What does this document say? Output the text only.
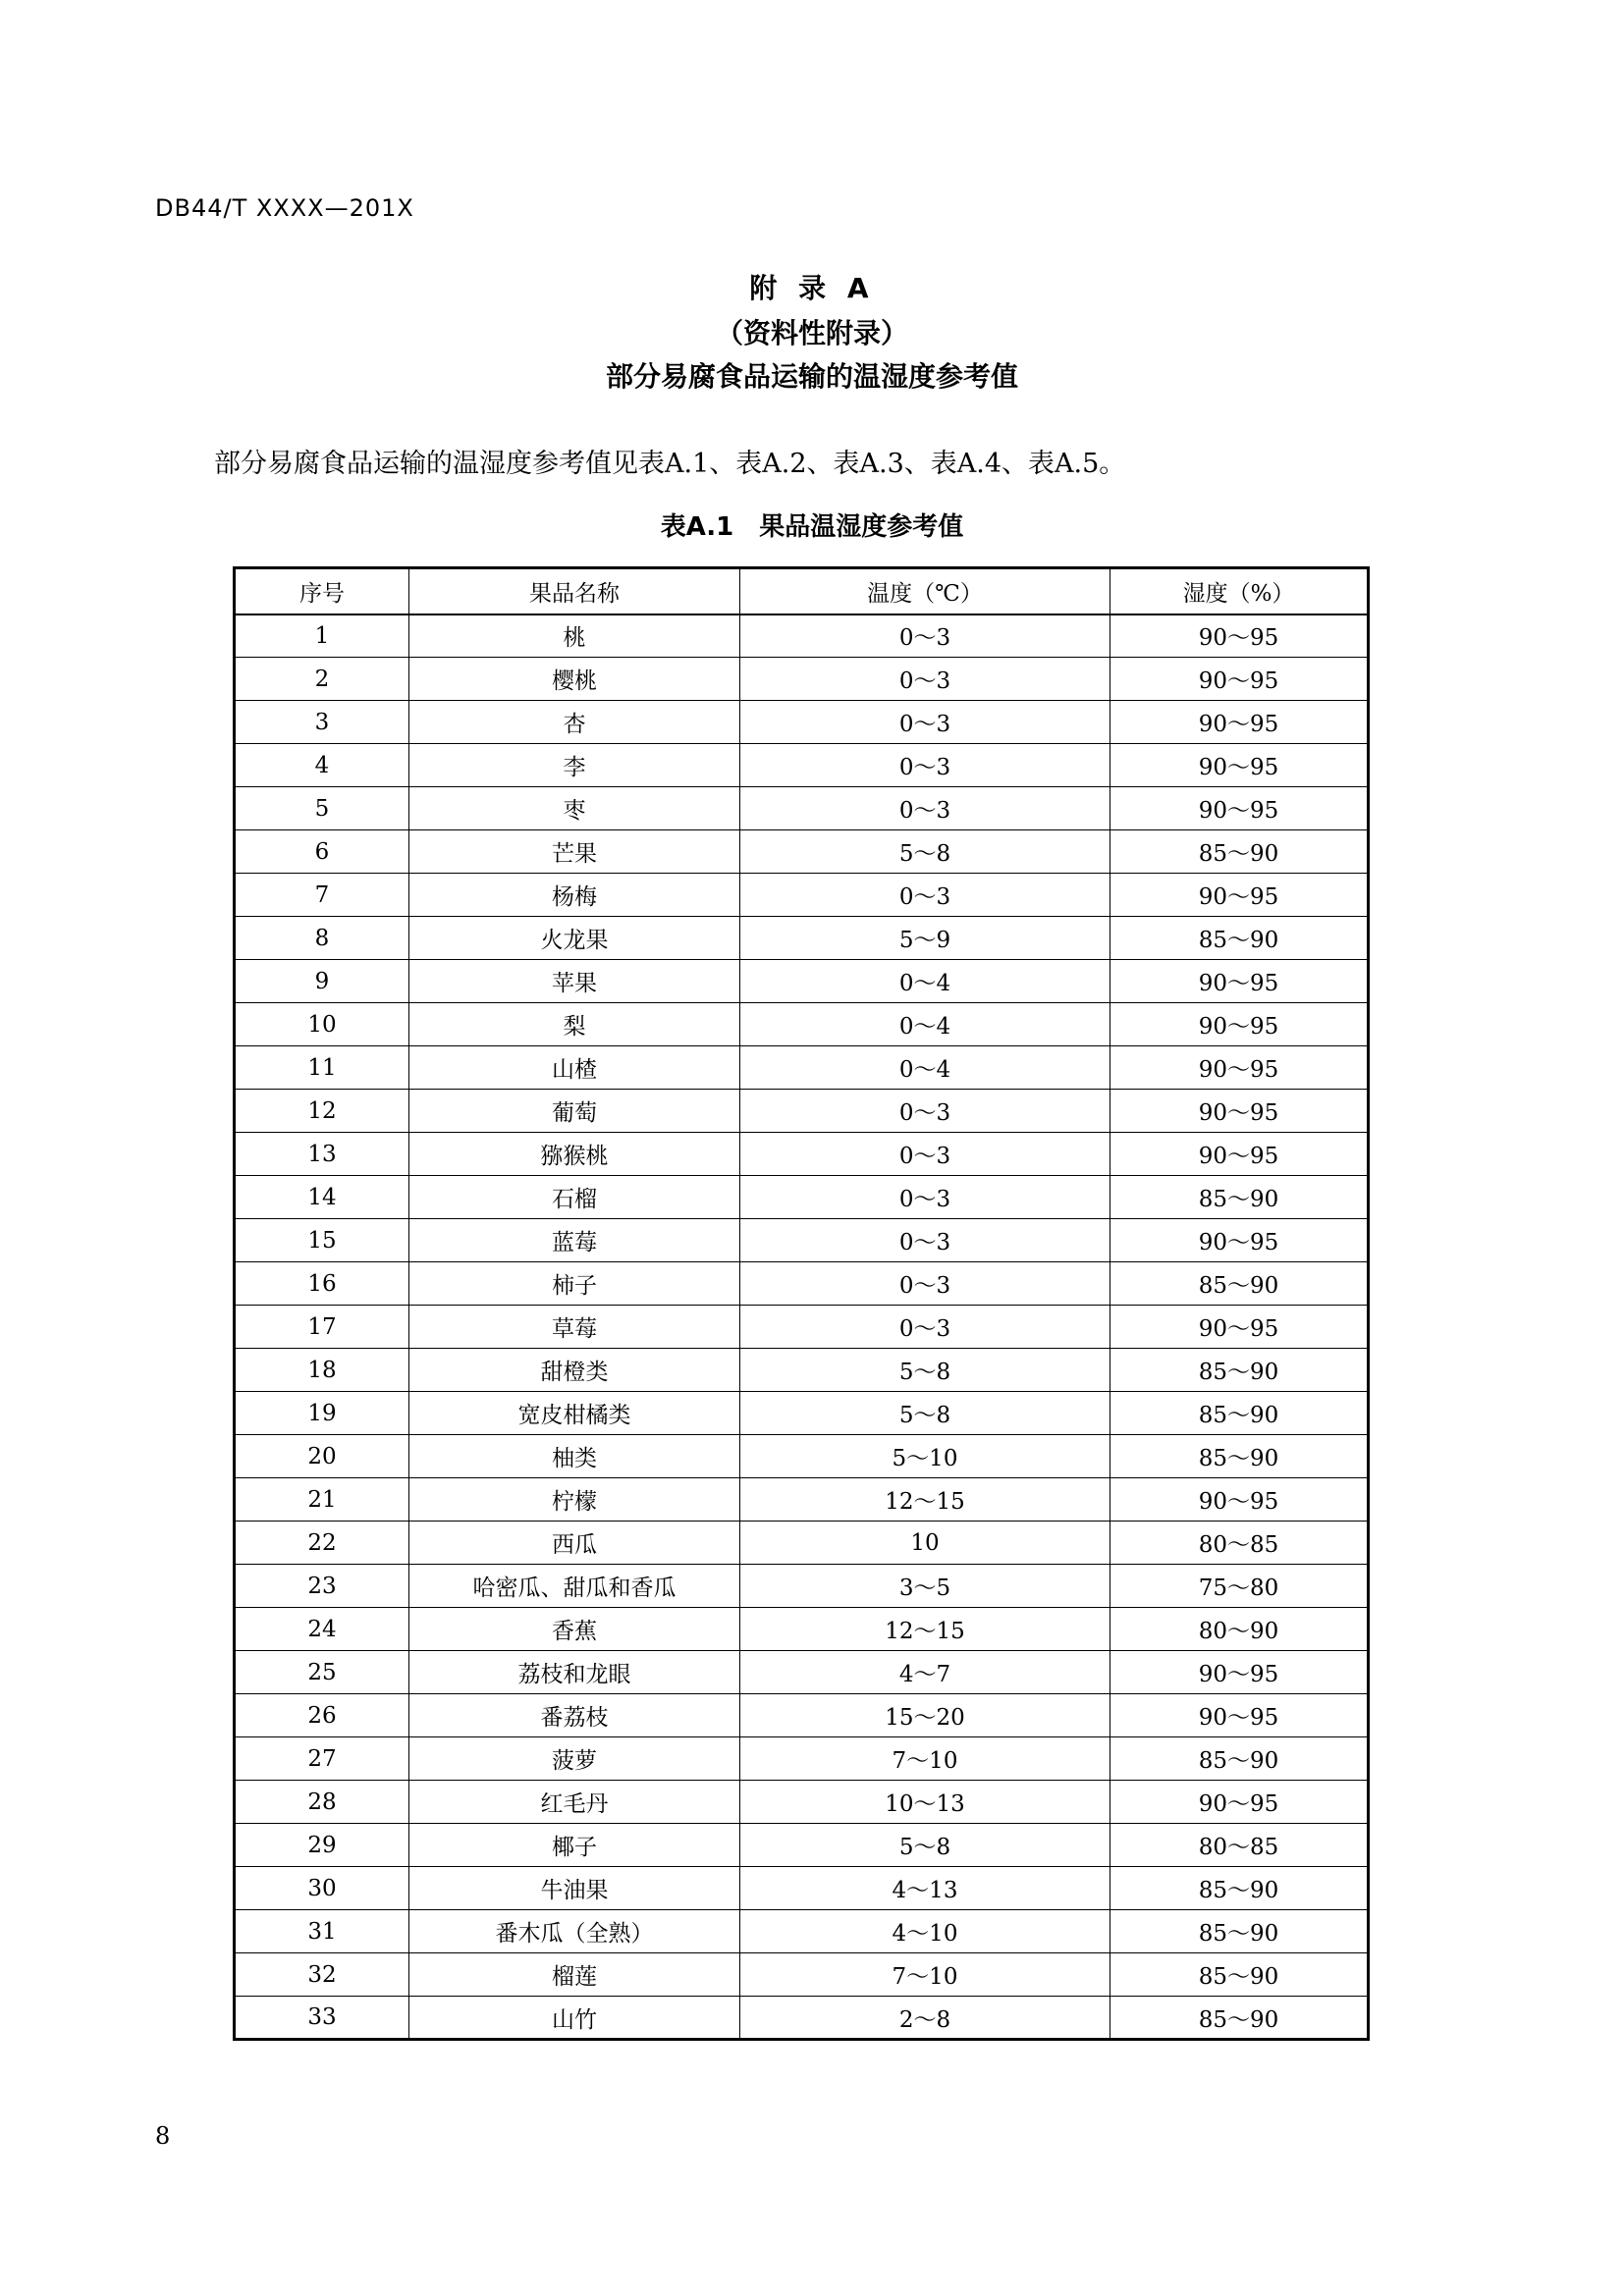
DB44/T XXXX—201X
附 录 A
（资料性附录）
部分易腐食品运输的温湿度参考值
部分易腐食品运输的温湿度参考值见表A.1、表A.2、表A.3、表A.4、表A.5。
表A.1　果品温湿度参考值
序号	果品名称	温度（℃）	湿度（%）
1	桃	0～3	90～95
2	樱桃	0～3	90～95
3	杏	0～3	90～95
4	李	0～3	90～95
5	枣	0～3	90～95
6	芒果	5～8	85～90
7	杨梅	0～3	90～95
8	火龙果	5～9	85～90
9	苹果	0～4	90～95
10	梨	0～4	90～95
11	山楂	0～4	90～95
12	葡萄	0～3	90～95
13	猕猴桃	0～3	90～95
14	石榴	0～3	85～90
15	蓝莓	0～3	90～95
16	柿子	0～3	85～90
17	草莓	0～3	90～95
18	甜橙类	5～8	85～90
19	宽皮柑橘类	5～8	85～90
20	柚类	5～10	85～90
21	柠檬	12～15	90～95
22	西瓜	10	80～85
23	哈密瓜、甜瓜和香瓜	3～5	75～80
24	香蕉	12～15	80～90
25	荔枝和龙眼	4～7	90～95
26	番荔枝	15～20	90～95
27	菠萝	7～10	85～90
28	红毛丹	10～13	90～95
29	椰子	5～8	80～85
30	牛油果	4～13	85～90
31	番木瓜（全熟）	4～10	85～90
32	榴莲	7～10	85～90
33	山竹	2～8	85～90
8
